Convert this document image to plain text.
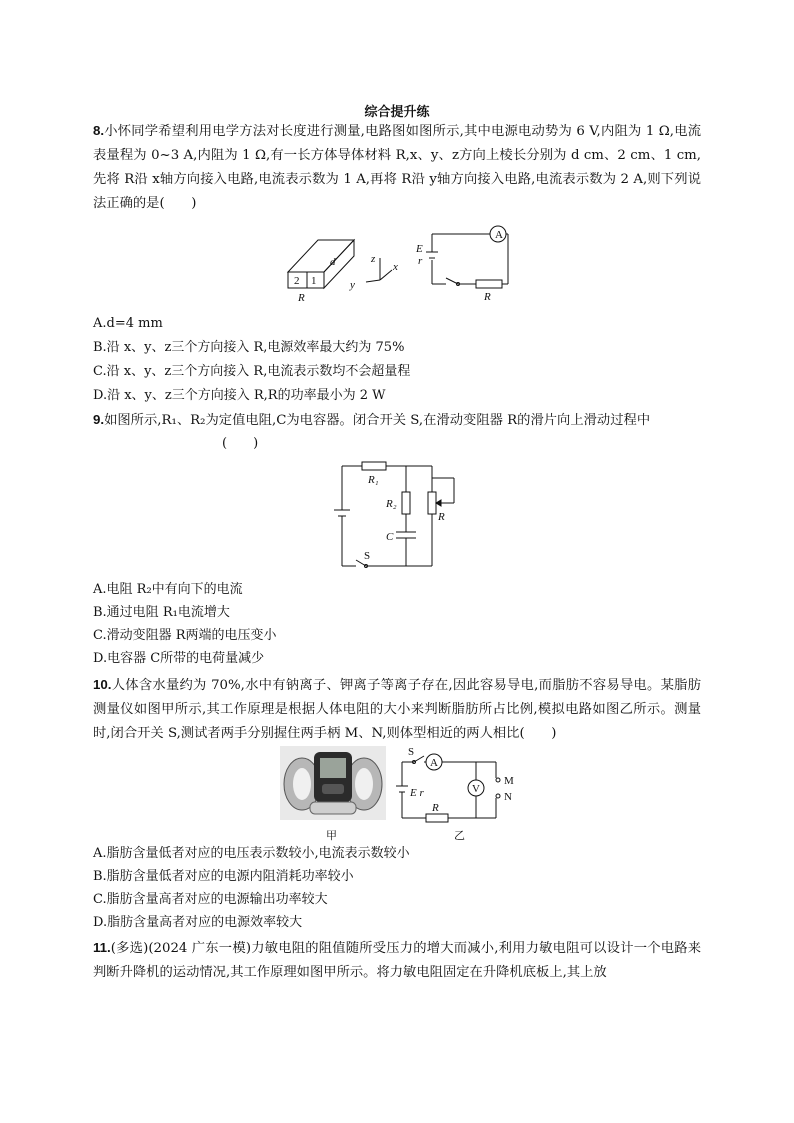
综合提升练
8.小怀同学希望利用电学方法对长度进行测量,电路图如图所示,其中电源电动势为 6 V,内阻为 1 Ω,电流表量程为 0~3 A,内阻为 1 Ω,有一长方体导体材料 R,x、y、z方向上棱长分别为 d cm、2 cm、1 cm,先将 R沿 x轴方向接入电路,电流表示数为 1 A,再将 R沿 y轴方向接入电路,电流表示数为 2 A,则下列说法正确的是(　　)
2 1
d
R
z
x
y
A
E
r
R
A.d=4 mm
B.沿 x、y、z三个方向接入 R,电源效率最大约为 75%
C.沿 x、y、z三个方向接入 R,电流表示数均不会超量程
D.沿 x、y、z三个方向接入 R,R的功率最小为 2 W
9.如图所示,R₁、R₂为定值电阻,C为电容器。闭合开关 S,在滑动变阻器 R的滑片向上滑动过程中
(　　)
R₁
R₂
C
R
S
A.电阻 R₂中有向下的电流
B.通过电阻 R₁电流增大
C.滑动变阻器 R两端的电压变小
D.电容器 C所带的电荷量减少
10.人体含水量约为 70%,水中有钠离子、钾离子等离子存在,因此容易导电,而脂肪不容易导电。某脂肪测量仪如图甲所示,其工作原理是根据人体电阻的大小来判断脂肪所占比例,模拟电路如图乙所示。测量时,闭合开关 S,测试者两手分别握住两手柄 M、N,则体型相近的两人相比(　　)
S
A
V
E r
M
N
R
甲	乙
A.脂肪含量低者对应的电压表示数较小,电流表示数较小
B.脂肪含量低者对应的电源内阻消耗功率较小
C.脂肪含量高者对应的电源输出功率较大
D.脂肪含量高者对应的电源效率较大
11.(多选)(2024 广东一模)力敏电阻的阻值随所受压力的增大而减小,利用力敏电阻可以设计一个电路来判断升降机的运动情况,其工作原理如图甲所示。将力敏电阻固定在升降机底板上,其上放
